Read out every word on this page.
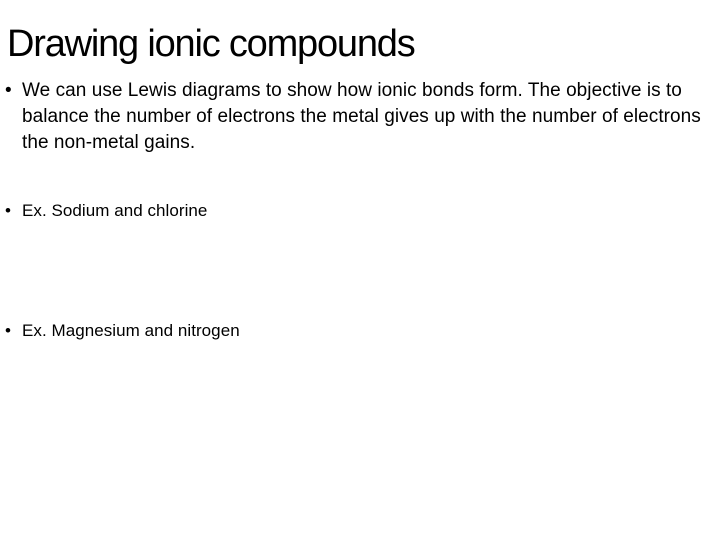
Drawing ionic compounds
• We can use Lewis diagrams to show how ionic bonds form. The objective is to balance the number of electrons the metal gives up with the number of electrons the non-metal gains.
• Ex. Sodium and chlorine
• Ex. Magnesium and nitrogen
